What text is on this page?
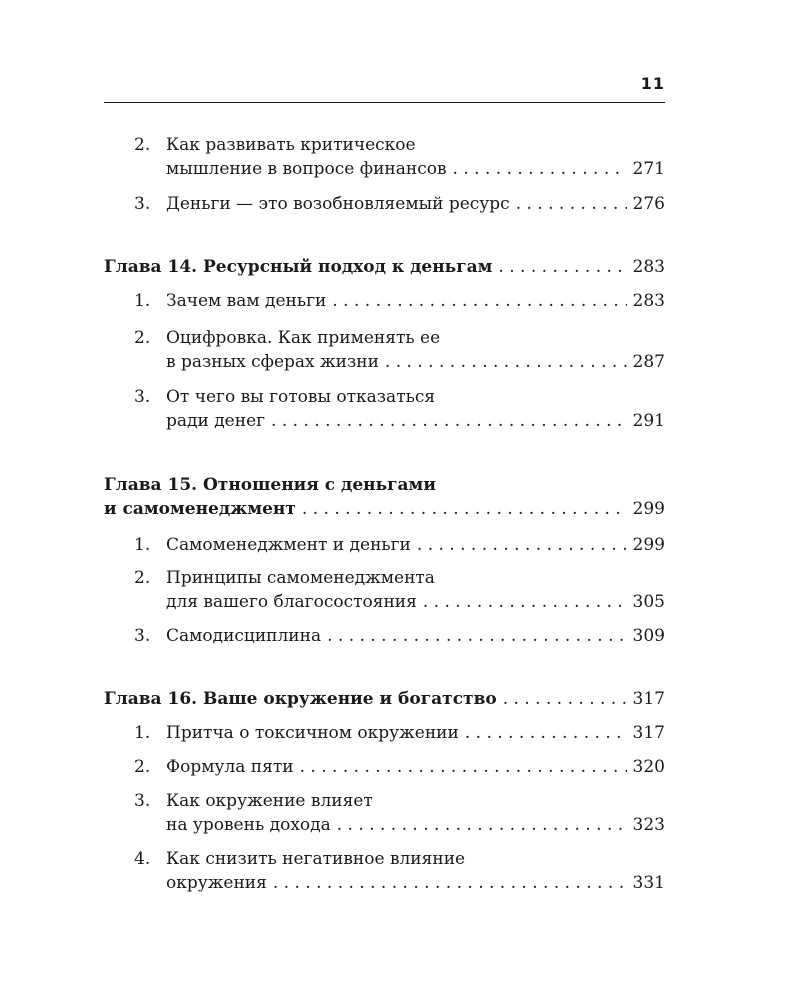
11
2. Как развивать критическое
мышление в вопросе финансов . . .	271
3. Деньги — это возобновляемый ресурс . . .	276
Глава 14. Ресурсный подход к деньгам . . .	283
1. Зачем вам деньги . . .	283
2. Оцифровка. Как применять ее
в разных сферах жизни . . .	287
3. От чего вы готовы отказаться
ради денег . . .	291
Глава 15. Отношения с деньгами
и самоменеджмент . . .	299
1. Самоменеджмент и деньги . . .	299
2. Принципы самоменеджмента
для вашего благосостояния . . .	305
3. Самодисциплина . . .	309
Глава 16. Ваше окружение и богатство . . .	317
1. Притча о токсичном окружении . . .	317
2. Формула пяти . . .	320
3. Как окружение влияет
на уровень дохода . . .	323
4. Как снизить негативное влияние
окружения . . .	331
